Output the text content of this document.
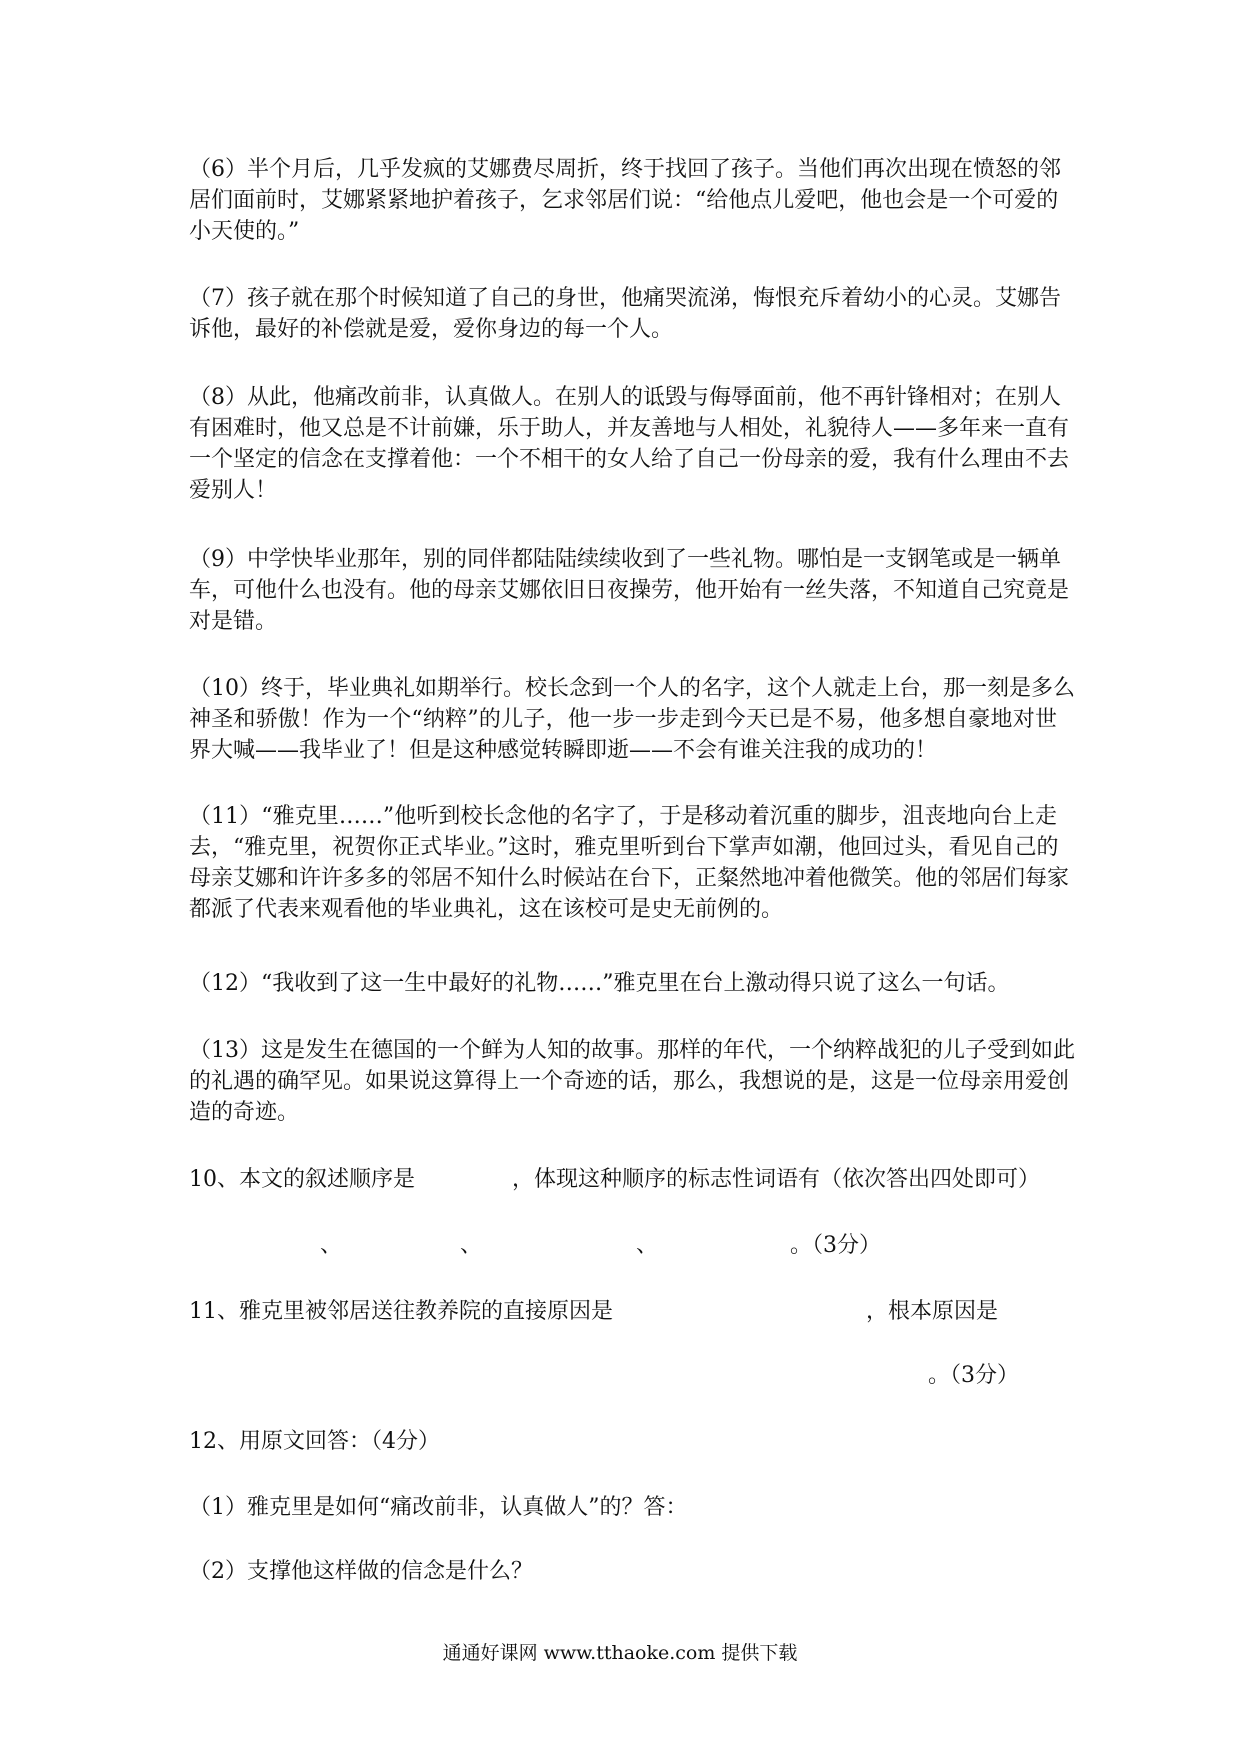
（6）半个月后，几乎发疯的艾娜费尽周折，终于找回了孩子。当他们再次出现在愤怒的邻
居们面前时，艾娜紧紧地护着孩子，乞求邻居们说：“给他点儿爱吧，他也会是一个可爱的
小天使的。”
（7）孩子就在那个时候知道了自己的身世，他痛哭流涕，悔恨充斥着幼小的心灵。艾娜告
诉他，最好的补偿就是爱，爱你身边的每一个人。
（8）从此，他痛改前非，认真做人。在别人的诋毁与侮辱面前，他不再针锋相对；在别人
有困难时，他又总是不计前嫌，乐于助人，并友善地与人相处，礼貌待人——多年来一直有
一个坚定的信念在支撑着他：一个不相干的女人给了自己一份母亲的爱，我有什么理由不去
爱别人！
（9）中学快毕业那年，别的同伴都陆陆续续收到了一些礼物。哪怕是一支钢笔或是一辆单
车，可他什么也没有。他的母亲艾娜依旧日夜操劳，他开始有一丝失落，不知道自己究竟是
对是错。
（10）终于，毕业典礼如期举行。校长念到一个人的名字，这个人就走上台，那一刻是多么
神圣和骄傲！作为一个“纳粹”的儿子，他一步一步走到今天已是不易，他多想自豪地对世
界大喊——我毕业了！但是这种感觉转瞬即逝——不会有谁关注我的成功的！
（11）“雅克里……”他听到校长念他的名字了，于是移动着沉重的脚步，沮丧地向台上走
去，“雅克里，祝贺你正式毕业。”这时，雅克里听到台下掌声如潮，他回过头，看见自己的
母亲艾娜和许许多多的邻居不知什么时候站在台下，正粲然地冲着他微笑。他的邻居们每家
都派了代表来观看他的毕业典礼，这在该校可是史无前例的。
（12）“我收到了这一生中最好的礼物……”雅克里在台上激动得只说了这么一句话。
（13）这是发生在德国的一个鲜为人知的故事。那样的年代，一个纳粹战犯的儿子受到如此
的礼遇的确罕见。如果说这算得上一个奇迹的话，那么，我想说的是，这是一位母亲用爱创
造的奇迹。
10、本文的叙述顺序是	，体现这种顺序的标志性词语有（依次答出四处即可）
、	、	、	。（3分）
11、雅克里被邻居送往教养院的直接原因是	，根本原因是
。（3分）
12、用原文回答：（4分）
（1）雅克里是如何“痛改前非，认真做人”的？答：
（2）支撑他这样做的信念是什么？
通通好课网 www.tthaoke.com 提供下载
